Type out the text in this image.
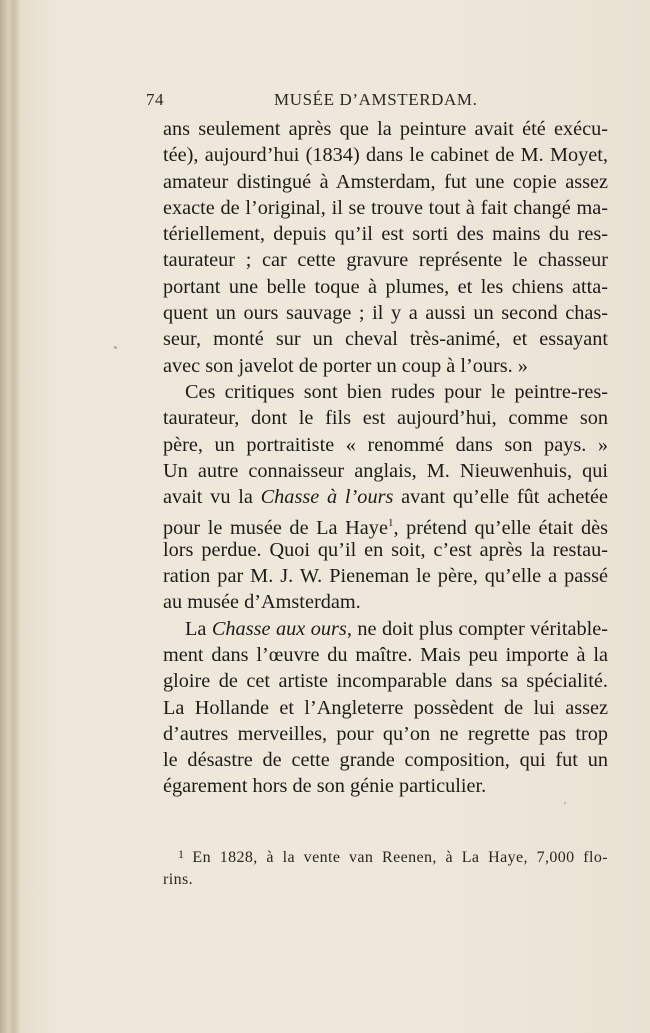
74	MUSÉE D’AMSTERDAM.
ans seulement après que la peinture avait été exécu-
tée), aujourd’hui (1834) dans le cabinet de M. Moyet,
amateur distingué à Amsterdam, fut une copie assez
exacte de l’original, il se trouve tout à fait changé ma-
tériellement, depuis qu’il est sorti des mains du res-
taurateur ; car cette gravure représente le chasseur
portant une belle toque à plumes, et les chiens atta-
quent un ours sauvage ; il y a aussi un second chas-
seur, monté sur un cheval très-animé, et essayant
avec son javelot de porter un coup à l’ours. »
Ces critiques sont bien rudes pour le peintre-res-
taurateur, dont le fils est aujourd’hui, comme son
père, un portraitiste « renommé dans son pays. »
Un autre connaisseur anglais, M. Nieuwenhuis, qui
avait vu la Chasse à l’ours avant qu’elle fût achetée
pour le musée de La Haye$^1$, prétend qu’elle était dès
lors perdue. Quoi qu’il en soit, c’est après la restau-
ration par M. J. W. Pieneman le père, qu’elle a passé
au musée d’Amsterdam.
La Chasse aux ours, ne doit plus compter véritable-
ment dans l’œuvre du maître. Mais peu importe à la
gloire de cet artiste incomparable dans sa spécialité.
La Hollande et l’Angleterre possèdent de lui assez
d’autres merveilles, pour qu’on ne regrette pas trop
le désastre de cette grande composition, qui fut un
égarement hors de son génie particulier.
$^1$ En 1828, à la vente van Reenen, à La Haye, 7,000 flo-
rins.
